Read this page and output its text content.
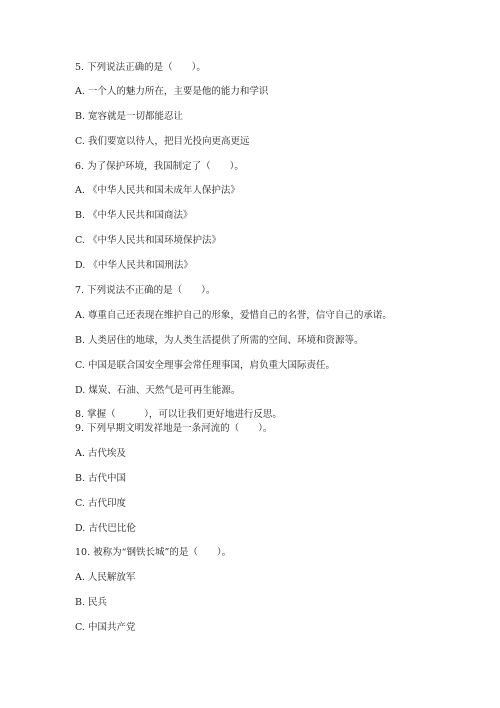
5. 下列说法正确的是（　　）。
A. 一个人的魅力所在，主要是他的能力和学识
B. 宽容就是一切都能忍让
C. 我们要宽以待人，把目光投向更高更远
6. 为了保护环境，我国制定了（　　）。
A. 《中华人民共和国未成年人保护法》
B. 《中华人民共和国商法》
C. 《中华人民共和国环境保护法》
D. 《中华人民共和国刑法》
7. 下列说法不正确的是（　　）。
A. 尊重自己还表现在维护自己的形象，爱惜自己的名誉，信守自己的承诺。
B. 人类居住的地球，为人类生活提供了所需的空间、环境和资源等。
C. 中国是联合国安全理事会常任理事国，肩负重大国际责任。
D. 煤炭、石油、天然气是可再生能源。
8. 掌握（　　　），可以让我们更好地进行反思。
9. 下列早期文明发祥地是一条河流的（　　）。
A. 古代埃及
B. 古代中国
C. 古代印度
D. 古代巴比伦
10. 被称为“钢铁长城”的是（　　）。
A. 人民解放军
B. 民兵
C. 中国共产党
